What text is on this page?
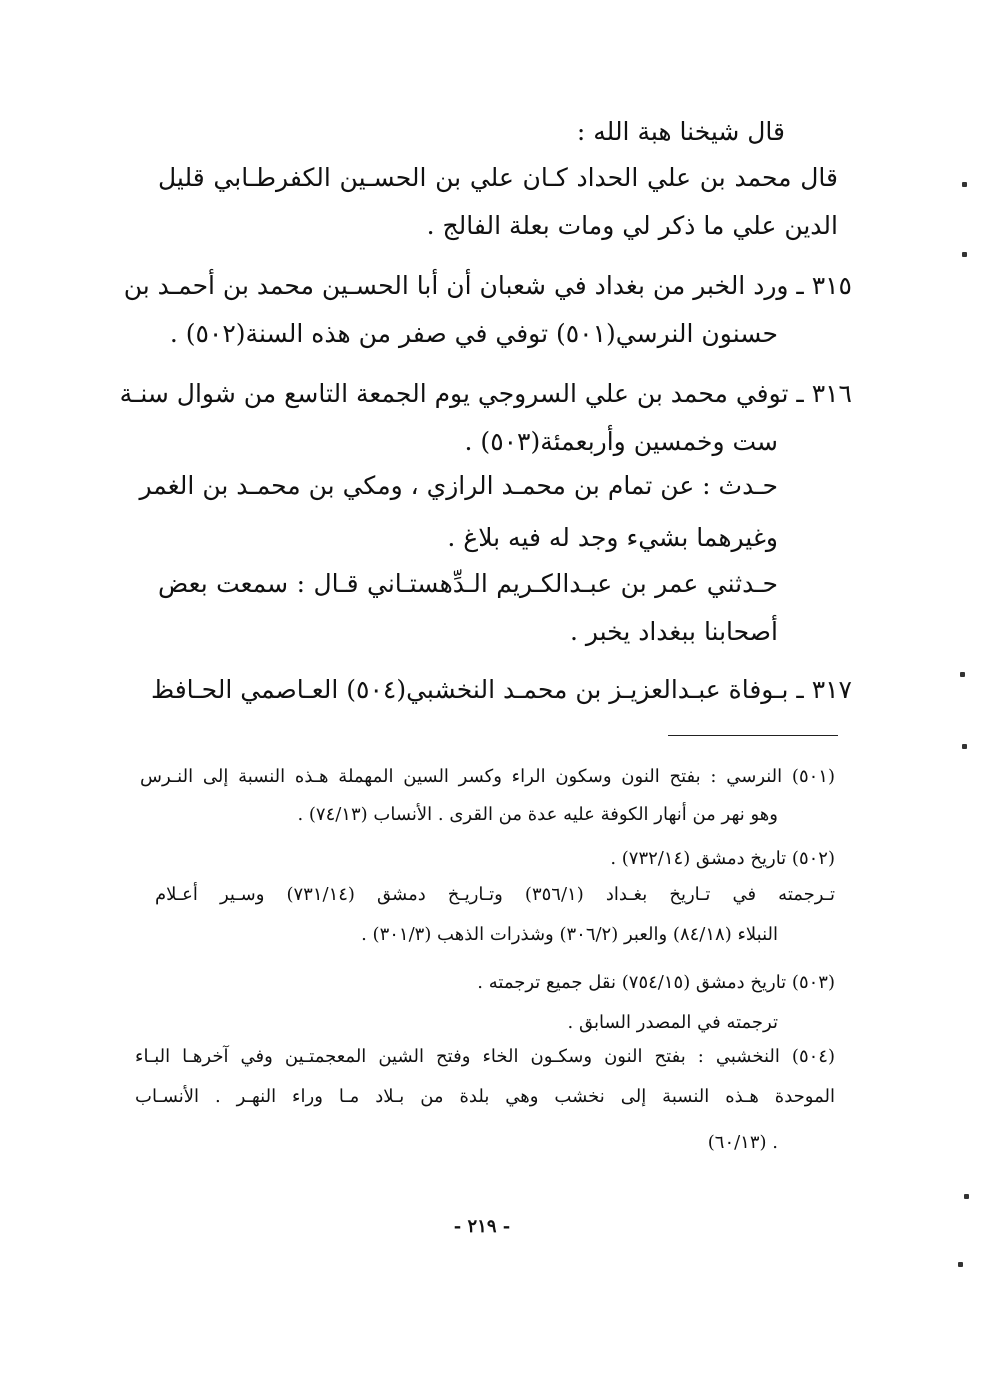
قال شيخنا هبة الله :
قال محمد بن علي الحداد كـان علي بن الحسـين الكفرطـابي قليل
الدين علي ما ذكر لي ومات بعلة الفالج .
٣١٥ ـ ورد الخبر من بغداد في شعبان أن أبا الحسـين محمد بن أحمـد بن
حسنون النرسي(٥٠١) توفي في صفر من هذه السنة(٥٠٢) .
٣١٦ ـ توفي محمد بن علي السروجي يوم الجمعة التاسع من شوال سنـة
ست وخمسين وأربعمئة(٥٠٣) .
حـدث : عن تمام بن محمـد الرازي ، ومكي بن محمـد بن الغمر
وغيرهما بشيء وجد له فيه بلاغ .
حـدثني عمر بن عبـدالكـريم الـدِّهستـاني قـال : سمعت بعض
أصحابنا ببغداد يخبر .
٣١٧ ـ بـوفاة عبـدالعزيـز بن محمـد النخشبي(٥٠٤) العـاصمي الحـافظ
(٥٠١) النرسي : بفتح النون وسكون الراء وكسر السين المهملة هـذه النسبة إلى النـرس
وهو نهر من أنهار الكوفة عليه عدة من القرى . الأنساب (٧٤/١٣) .
(٥٠٢) تاريخ دمشق (٧٣٢/١٤) .
تـرجمته في تـاريخ بغـداد (٣٥٦/١) وتـاريـخ دمشق (٧٣١/١٤) وسـير أعـلام
النبلاء (٨٤/١٨) والعبر (٣٠٦/٢) وشذرات الذهب (٣٠١/٣) .
(٥٠٣) تاريخ دمشق (٧٥٤/١٥) نقل جميع ترجمته .
ترجمته في المصدر السابق .
(٥٠٤) النخشبي : بفتح النون وسكـون الخاء وفتح الشين المعجمتـين وفي آخرهـا البـاء
الموحدة هـذه النسبة إلى نخشب وهي بلدة من بـلاد مـا وراء النهـر . الأنسـاب
(٦٠/١٣) .
- ٢١٩ -
